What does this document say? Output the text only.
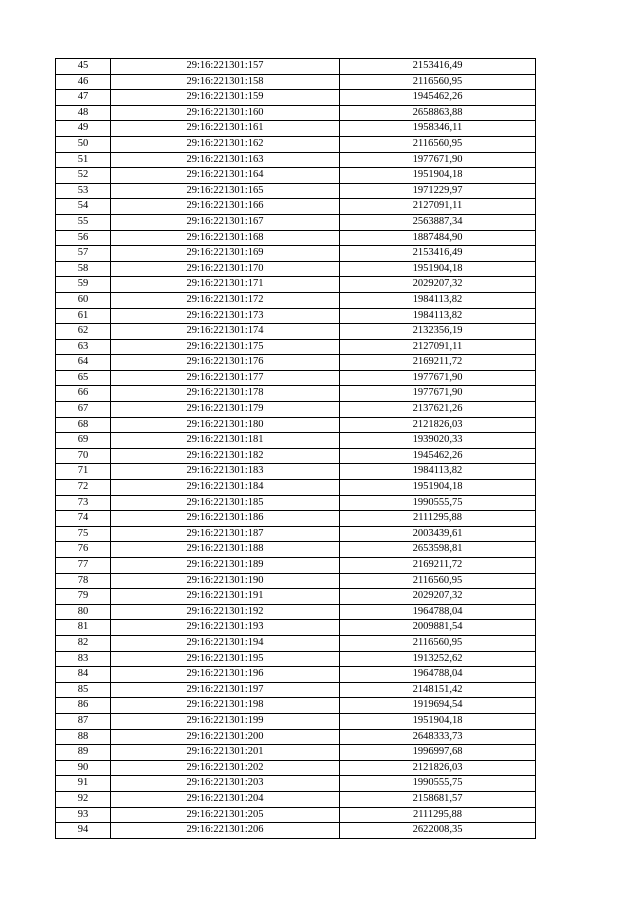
45	29:16:221301:157	2153416,49
46	29:16:221301:158	2116560,95
47	29:16:221301:159	1945462,26
48	29:16:221301:160	2658863,88
49	29:16:221301:161	1958346,11
50	29:16:221301:162	2116560,95
51	29:16:221301:163	1977671,90
52	29:16:221301:164	1951904,18
53	29:16:221301:165	1971229,97
54	29:16:221301:166	2127091,11
55	29:16:221301:167	2563887,34
56	29:16:221301:168	1887484,90
57	29:16:221301:169	2153416,49
58	29:16:221301:170	1951904,18
59	29:16:221301:171	2029207,32
60	29:16:221301:172	1984113,82
61	29:16:221301:173	1984113,82
62	29:16:221301:174	2132356,19
63	29:16:221301:175	2127091,11
64	29:16:221301:176	2169211,72
65	29:16:221301:177	1977671,90
66	29:16:221301:178	1977671,90
67	29:16:221301:179	2137621,26
68	29:16:221301:180	2121826,03
69	29:16:221301:181	1939020,33
70	29:16:221301:182	1945462,26
71	29:16:221301:183	1984113,82
72	29:16:221301:184	1951904,18
73	29:16:221301:185	1990555,75
74	29:16:221301:186	2111295,88
75	29:16:221301:187	2003439,61
76	29:16:221301:188	2653598,81
77	29:16:221301:189	2169211,72
78	29:16:221301:190	2116560,95
79	29:16:221301:191	2029207,32
80	29:16:221301:192	1964788,04
81	29:16:221301:193	2009881,54
82	29:16:221301:194	2116560,95
83	29:16:221301:195	1913252,62
84	29:16:221301:196	1964788,04
85	29:16:221301:197	2148151,42
86	29:16:221301:198	1919694,54
87	29:16:221301:199	1951904,18
88	29:16:221301:200	2648333,73
89	29:16:221301:201	1996997,68
90	29:16:221301:202	2121826,03
91	29:16:221301:203	1990555,75
92	29:16:221301:204	2158681,57
93	29:16:221301:205	2111295,88
94	29:16:221301:206	2622008,35
